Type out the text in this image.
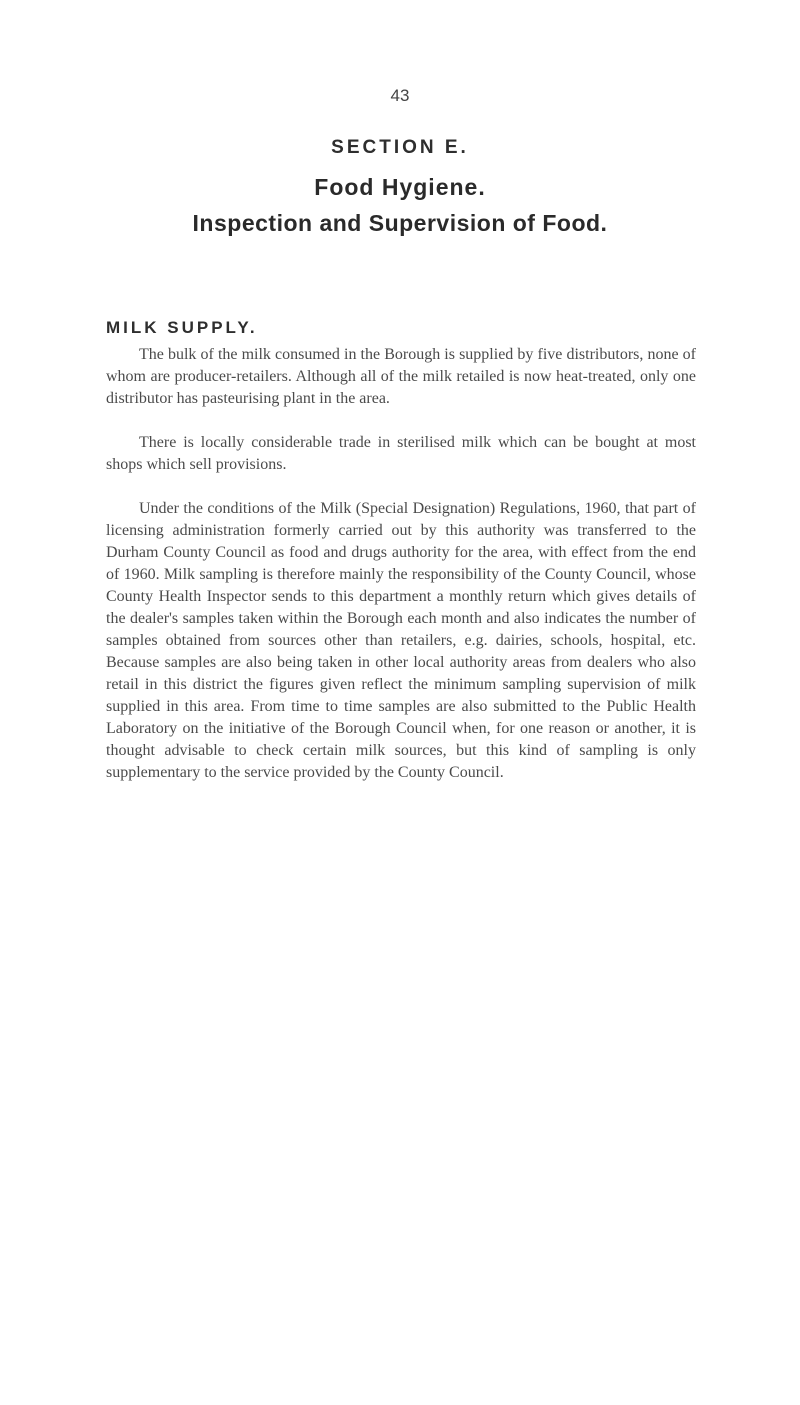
43
SECTION E.
Food Hygiene.
Inspection and Supervision of Food.
MILK SUPPLY.

The bulk of the milk consumed in the Borough is supplied by five distributors, none of whom are producer-retailers. Although all of the milk retailed is now heat-treated, only one distributor has pasteurising plant in the area.

There is locally considerable trade in sterilised milk which can be bought at most shops which sell provisions.

Under the conditions of the Milk (Special Designation) Regulations, 1960, that part of licensing administration formerly carried out by this authority was transferred to the Durham County Council as food and drugs authority for the area, with effect from the end of 1960. Milk sampling is therefore mainly the responsibility of the County Council, whose County Health Inspector sends to this department a monthly return which gives details of the dealer's samples taken within the Borough each month and also indicates the number of samples obtained from sources other than retailers, e.g. dairies, schools, hospital, etc. Because samples are also being taken in other local authority areas from dealers who also retail in this district the figures given reflect the minimum sampling supervision of milk supplied in this area. From time to time samples are also submitted to the Public Health Laboratory on the initiative of the Borough Council when, for one reason or another, it is thought advisable to check certain milk sources, but this kind of sampling is only supplementary to the service provided by the County Council.
